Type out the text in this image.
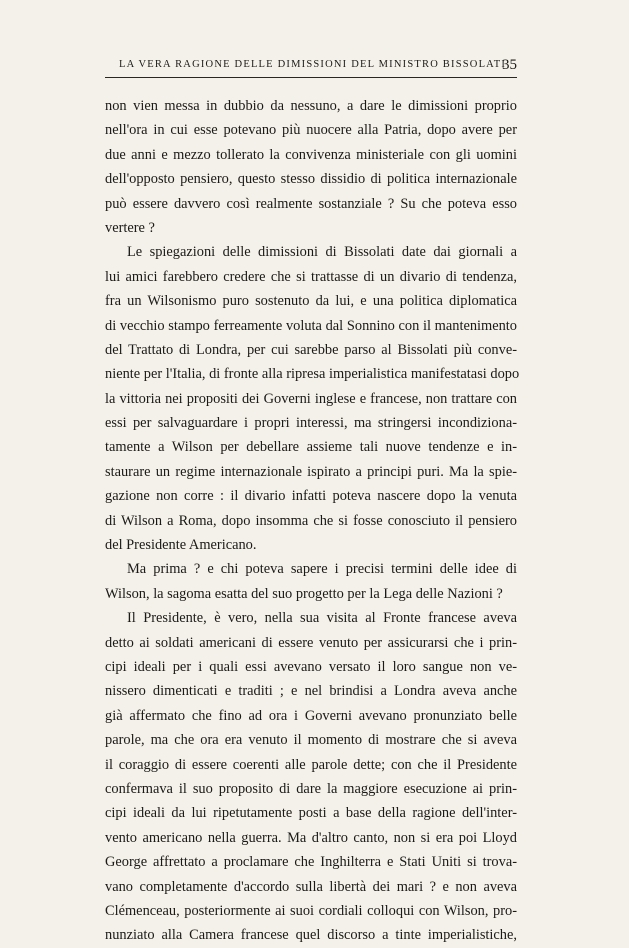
LA VERA RAGIONE DELLE DIMISSIONI DEL MINISTRO BISSOLATI
35
non vien messa in dubbio da nessuno, a dare le dimissioni proprio
nell'ora in cui esse potevano più nuocere alla Patria, dopo avere per
due anni e mezzo tollerato la convivenza ministeriale con gli uomini
dell'opposto pensiero, questo stesso dissidio di politica internazionale
può essere davvero così realmente sostanziale ? Su che poteva esso
vertere ?
Le spiegazioni delle dimissioni di Bissolati date dai giornali a
lui amici farebbero credere che si trattasse di un divario di tendenza,
fra un Wilsonismo puro sostenuto da lui, e una politica diplomatica
di vecchio stampo ferreamente voluta dal Sonnino con il mantenimento
del Trattato di Londra, per cui sarebbe parso al Bissolati più conve-
niente per l'Italia, di fronte alla ripresa imperialistica manifestatasi dopo
la vittoria nei propositi dei Governi inglese e francese, non trattare con
essi per salvaguardare i propri interessi, ma stringersi incondiziona-
tamente a Wilson per debellare assieme tali nuove tendenze e in-
staurare un regime internazionale ispirato a principi puri. Ma la spie-
gazione non corre : il divario infatti poteva nascere dopo la venuta
di Wilson a Roma, dopo insomma che si fosse conosciuto il pensiero
del Presidente Americano.
Ma prima ? e chi poteva sapere i precisi termini delle idee di
Wilson, la sagoma esatta del suo progetto per la Lega delle Nazioni ?
Il Presidente, è vero, nella sua visita al Fronte francese aveva
detto ai soldati americani di essere venuto per assicurarsi che i prin-
cipi ideali per i quali essi avevano versato il loro sangue non ve-
nissero dimenticati e traditi ; e nel brindisi a Londra aveva anche
già affermato che fino ad ora i Governi avevano pronunziato belle
parole, ma che ora era venuto il momento di mostrare che si aveva
il coraggio di essere coerenti alle parole dette; con che il Presidente
confermava il suo proposito di dare la maggiore esecuzione ai prin-
cipi ideali da lui ripetutamente posti a base della ragione dell'inter-
vento americano nella guerra. Ma d'altro canto, non si era poi Lloyd
George affrettato a proclamare che Inghilterra e Stati Uniti si trova-
vano completamente d'accordo sulla libertà dei mari ? e non aveva
Clémenceau, posteriormente ai suoi cordiali colloqui con Wilson, pro-
nunziato alla Camera francese quel discorso a tinte imperialistiche,
